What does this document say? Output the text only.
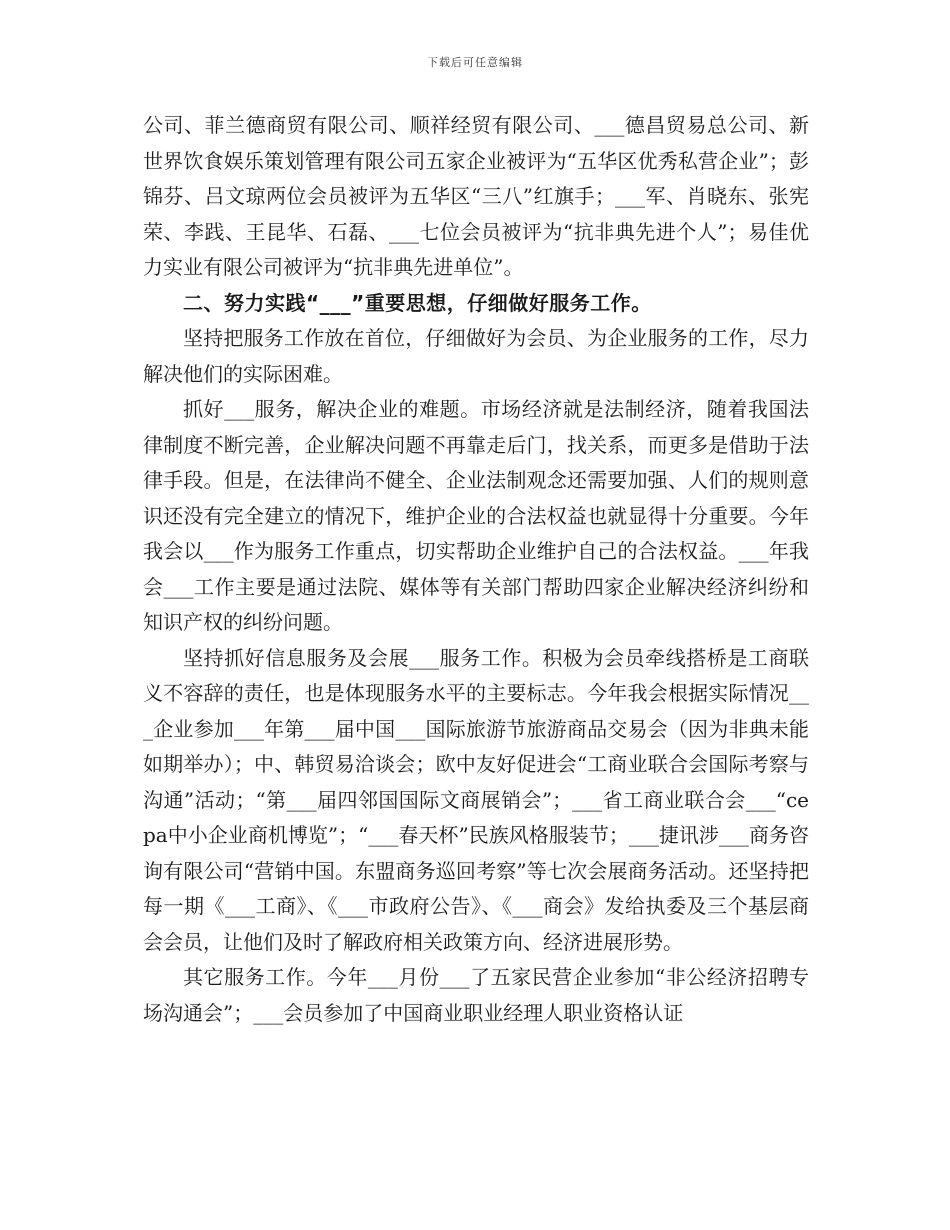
下载后可任意编辑

公司、菲兰德商贸有限公司、顺祥经贸有限公司、___德昌贸易总公司、新世界饮食娱乐策划管理有限公司五家企业被评为“五华区优秀私营企业”；彭锦芬、吕文琼两位会员被评为五华区“三八”红旗手；___军、肖晓东、张宪荣、李践、王昆华、石磊、___七位会员被评为“抗非典先进个人”；易佳优力实业有限公司被评为“抗非典先进单位”。

二、努力实践“___”重要思想，仔细做好服务工作。

坚持把服务工作放在首位，仔细做好为会员、为企业服务的工作，尽力解决他们的实际困难。

抓好___服务，解决企业的难题。市场经济就是法制经济，随着我国法律制度不断完善，企业解决问题不再靠走后门，找关系，而更多是借助于法律手段。但是，在法律尚不健全、企业法制观念还需要加强、人们的规则意识还没有完全建立的情况下，维护企业的合法权益也就显得十分重要。今年我会以___作为服务工作重点，切实帮助企业维护自己的合法权益。___年我会___工作主要是通过法院、媒体等有关部门帮助四家企业解决经济纠纷和知识产权的纠纷问题。

坚持抓好信息服务及会展___服务工作。积极为会员牵线搭桥是工商联义不容辞的责任，也是体现服务水平的主要标志。今年我会根据实际情况___企业参加___年第___届中国___国际旅游节旅游商品交易会（因为非典未能如期举办）；中、韩贸易洽谈会；欧中友好促进会“工商业联合会国际考察与沟通”活动；“第___届四邻国国际文商展销会”；___省工商业联合会___“cepa中小企业商机博览”；“___春天杯”民族风格服装节；___捷讯涉___商务咨询有限公司“营销中国。东盟商务巡回考察”等七次会展商务活动。还坚持把每一期《___工商》、《___市政府公告》、《___商会》发给执委及三个基层商会会员，让他们及时了解政府相关政策方向、经济进展形势。

其它服务工作。今年___月份___了五家民营企业参加“非公经济招聘专场沟通会”；___会员参加了中国商业职业经理人职业资格认证
